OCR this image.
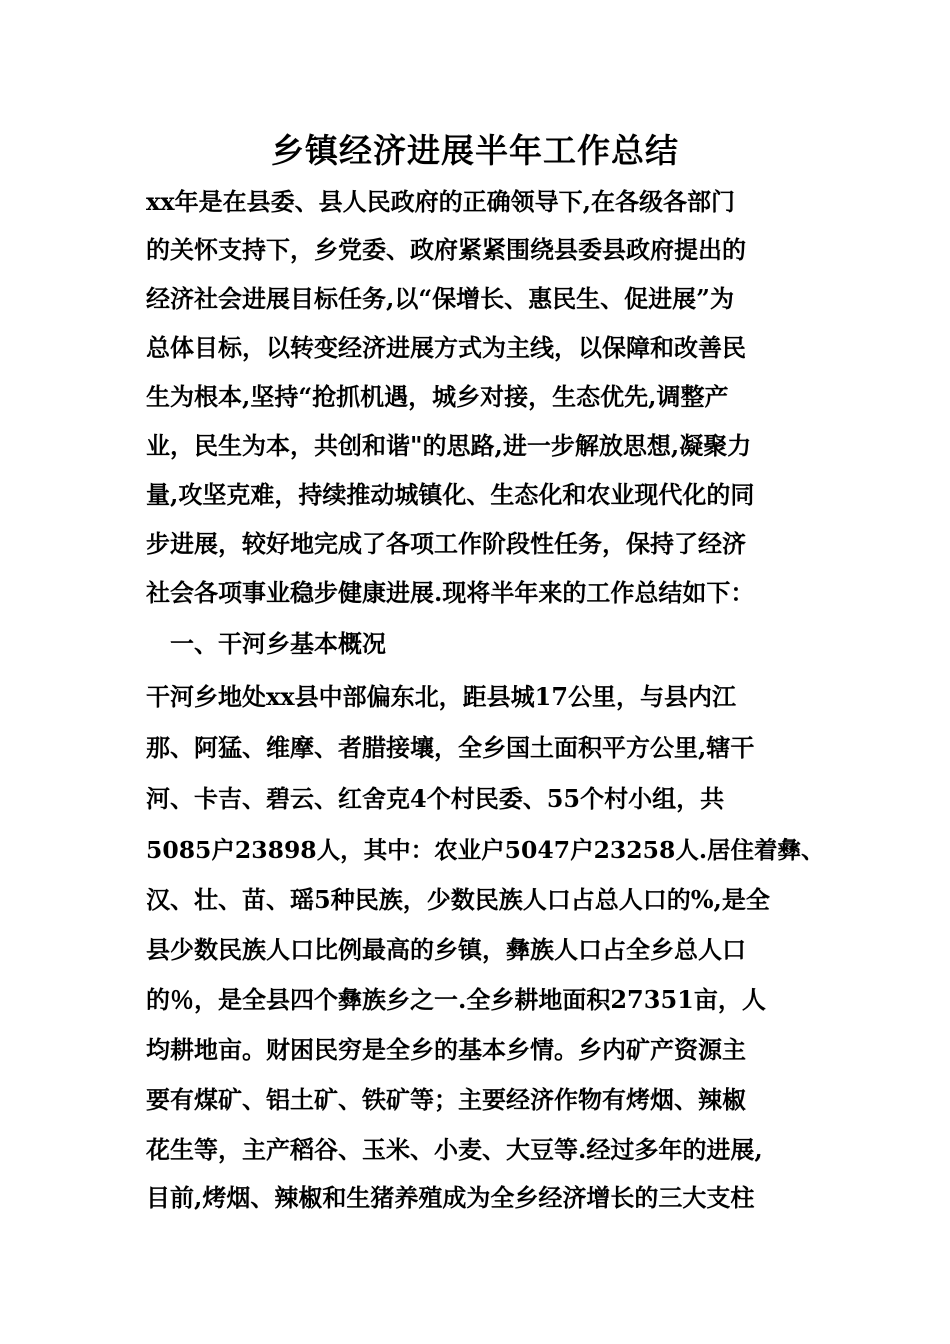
乡镇经济进展半年工作总结
xx年是在县委、县人民政府的正确领导下,在各级各部门
的关怀支持下，乡党委、政府紧紧围绕县委县政府提出的
经济社会进展目标任务,以“保增长、惠民生、促进展”为
总体目标，以转变经济进展方式为主线，以保障和改善民
生为根本,坚持“抢抓机遇，城乡对接，生态优先,调整产
业，民生为本，共创和谐"的思路,进一步解放思想,凝聚力
量,攻坚克难，持续推动城镇化、生态化和农业现代化的同
步进展，较好地完成了各项工作阶段性任务，保持了经济
社会各项事业稳步健康进展.现将半年来的工作总结如下：
　一、干河乡基本概况
干河乡地处xx县中部偏东北，距县城17公里，与县内江
那、阿猛、维摩、者腊接壤，全乡国土面积平方公里,辖干
河、卡吉、碧云、红舍克4个村民委、55个村小组，共
5085户23898人，其中：农业户5047户23258人.居住着彝、
汉、壮、苗、瑶5种民族，少数民族人口占总人口的%,是全
县少数民族人口比例最高的乡镇，彝族人口占全乡总人口
的％，是全县四个彝族乡之一.全乡耕地面积27351亩，人
均耕地亩。财困民穷是全乡的基本乡情。乡内矿产资源主
要有煤矿、铝土矿、铁矿等；主要经济作物有烤烟、辣椒
花生等，主产稻谷、玉米、小麦、大豆等.经过多年的进展,
目前,烤烟、辣椒和生猪养殖成为全乡经济增长的三大支柱
